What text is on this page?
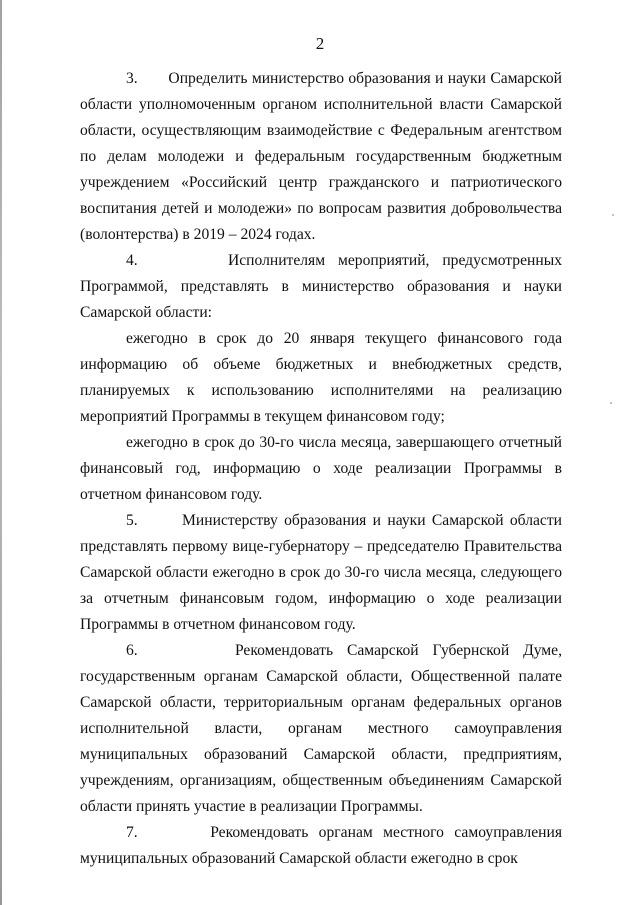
2

3.       Определить министерство образования и науки Самарской области уполномоченным органом исполнительной власти Самарской области, осуществляющим взаимодействие с Федеральным агентством по делам молодежи и федеральным государственным бюджетным учреждением «Российский центр гражданского и патриотического воспитания детей и молодежи» по вопросам развития добровольчества (волонтерства) в 2019 – 2024 годах.

4.       Исполнителям мероприятий, предусмотренных Программой, представлять в министерство образования и науки Самарской области:

ежегодно в срок до 20 января текущего финансового года информацию об объеме бюджетных и внебюджетных средств, планируемых к использованию исполнителями на реализацию мероприятий Программы в текущем финансовом году;

ежегодно в срок до 30-го числа месяца, завершающего отчетный финансовый год, информацию о ходе реализации Программы в отчетном финансовом году.

5.       Министерству образования и науки Самарской области представлять первому вице-губернатору – председателю Правительства Самарской области ежегодно в срок до 30-го числа месяца, следующего за отчетным финансовым годом, информацию о ходе реализации Программы в отчетном финансовом году.

6.       Рекомендовать Самарской Губернской Думе, государственным органам Самарской области, Общественной палате Самарской области, территориальным органам федеральных органов исполнительной власти, органам местного самоуправления муниципальных образований Самарской области, предприятиям, учреждениям, организациям, общественным объединениям Самарской области принять участие в реализации Программы.

7.       Рекомендовать органам местного самоуправления муниципальных образований Самарской области ежегодно в срок
